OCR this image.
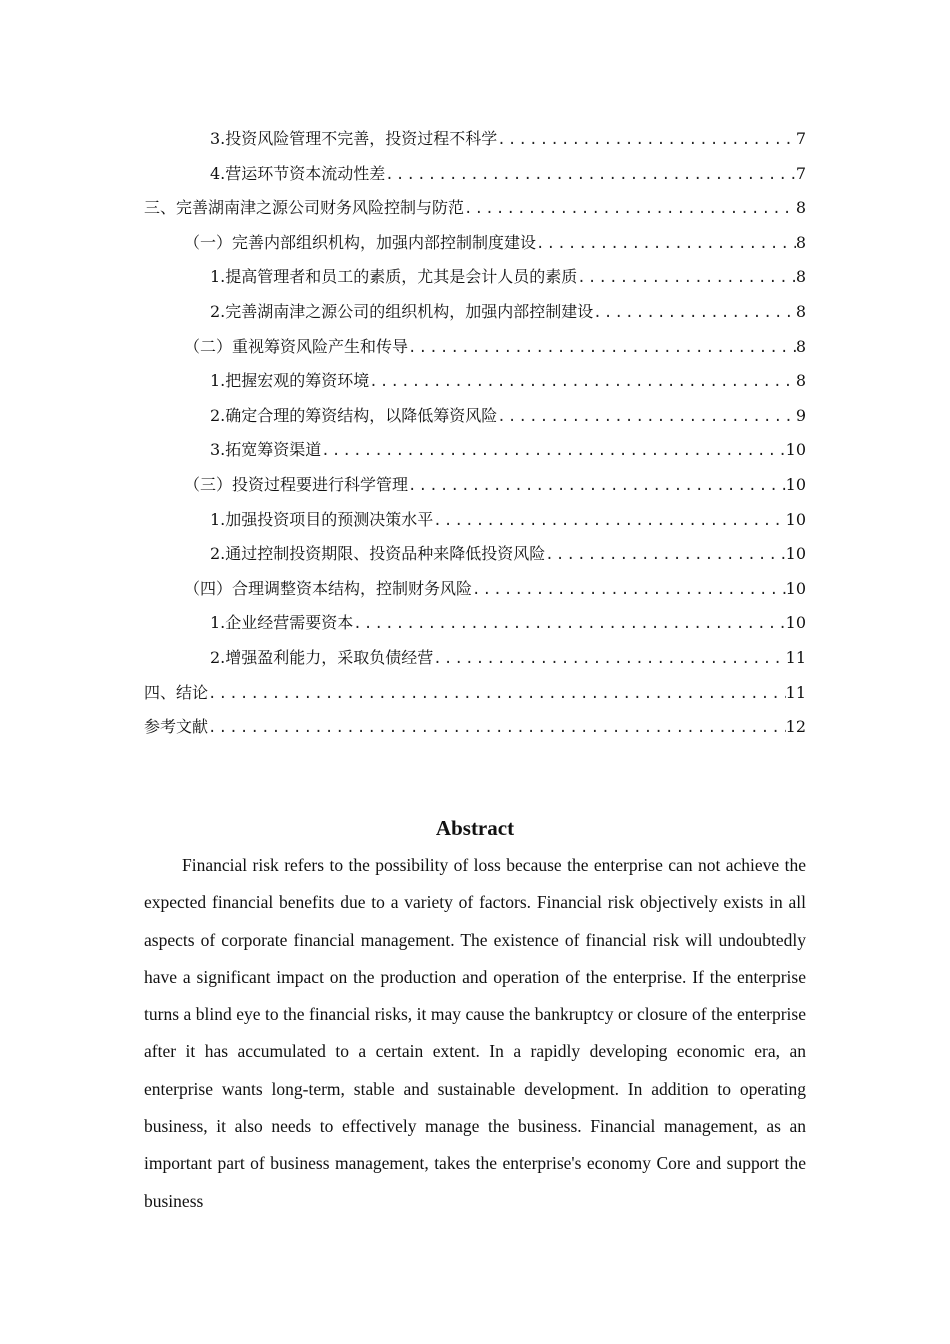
3.投资风险管理不完善，投资过程不科学 .....	7
4.营运环节资本流动性差 .....	7
三、完善湖南津之源公司财务风险控制与防范 .....	8
（一）完善内部组织机构，加强内部控制制度建设 .....	8
1.提高管理者和员工的素质，尤其是会计人员的素质 .....	8
2.完善湖南津之源公司的组织机构，加强内部控制建设 .....	8
（二）重视筹资风险产生和传导 .....	8
1.把握宏观的筹资环境 .....	8
2.确定合理的筹资结构，以降低筹资风险 .....	9
3.拓宽筹资渠道 .....	10
（三）投资过程要进行科学管理 .....	10
1.加强投资项目的预测决策水平 .....	10
2.通过控制投资期限、投资品种来降低投资风险 .....	10
（四）合理调整资本结构，控制财务风险 .....	10
1.企业经营需要资本 .....	10
2.增强盈利能力，采取负债经营 .....	11
四、结论 .....	11
参考文献 .....	12
Abstract

Financial risk refers to the possibility of loss because the enterprise can not achieve the expected financial benefits due to a variety of factors. Financial risk objectively exists in all aspects of corporate financial management. The existence of financial risk will undoubtedly have a significant impact on the production and operation of the enterprise. If the enterprise turns a blind eye to the financial risks, it may cause the bankruptcy or closure of the enterprise after it has accumulated to a certain extent. In a rapidly developing economic era, an enterprise wants long-term, stable and sustainable development. In addition to operating business, it also needs to effectively manage the business. Financial management, as an important part of business management, takes the enterprise's economy Core and support the business
